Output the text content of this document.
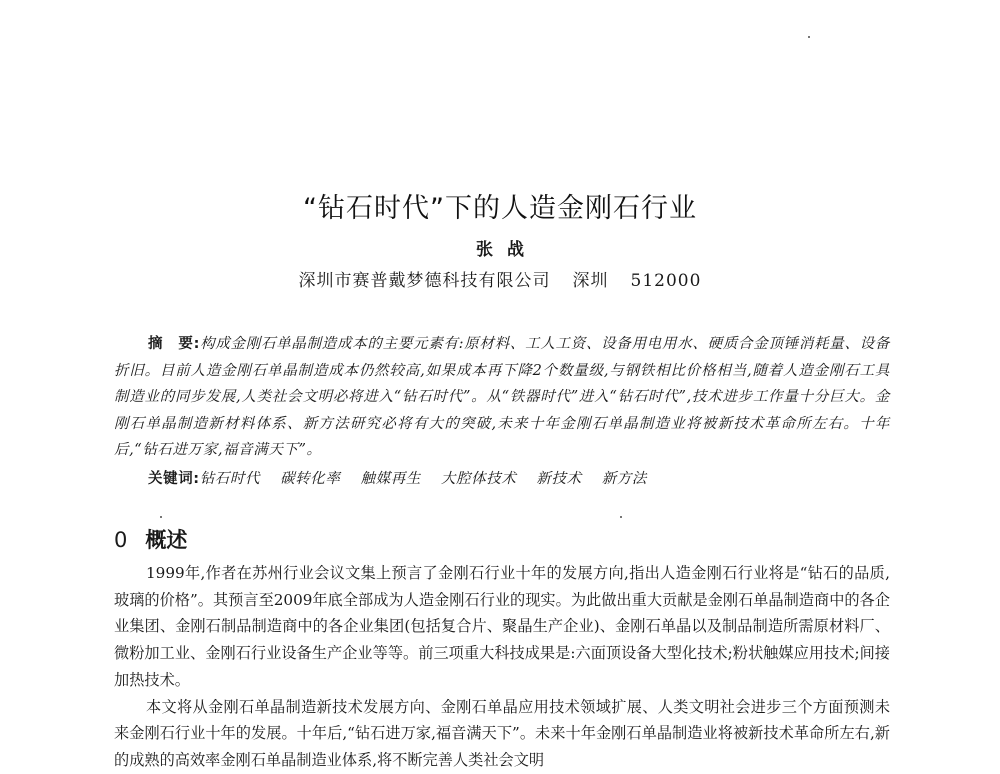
“钻石时代”下的人造金刚石行业
张战
深圳市赛普戴梦德科技有限公司 深圳 512000

摘　要:构成金刚石单晶制造成本的主要元素有:原材料、工人工资、设备用电用水、硬质合金顶锤消耗量、设备折旧。目前人造金刚石单晶制造成本仍然较高,如果成本再下降2个数量级,与钢铁相比价格相当,随着人造金刚石工具制造业的同步发展,人类社会文明必将进入“钻石时代”。从“铁器时代”进入“钻石时代”,技术进步工作量十分巨大。金刚石单晶制造新材料体系、新方法研究必将有大的突破,未来十年金刚石单晶制造业将被新技术革命所左右。十年后,“钻石进万家,福音满天下”。

关键词:钻石时代 碳转化率 触媒再生 大腔体技术 新技术 新方法

0 概述

1999年,作者在苏州行业会议文集上预言了金刚石行业十年的发展方向,指出人造金刚石行业将是“钻石的品质,玻璃的价格”。其预言至2009年底全部成为人造金刚石行业的现实。为此做出重大贡献是金刚石单晶制造商中的各企业集团、金刚石制品制造商中的各企业集团(包括复合片、聚晶生产企业)、金刚石单晶以及制品制造所需原材料厂、微粉加工业、金刚石行业设备生产企业等等。前三项重大科技成果是:六面顶设备大型化技术;粉状触媒应用技术;间接加热技术。

本文将从金刚石单晶制造新技术发展方向、金刚石单晶应用技术领域扩展、人类文明社会进步三个方面预测未来金刚石行业十年的发展。十年后,“钻石进万家,福音满天下”。未来十年金刚石单晶制造业将被新技术革命所左右,新的成熟的高效率金刚石单晶制造业体系,将不断完善人类社会文明
